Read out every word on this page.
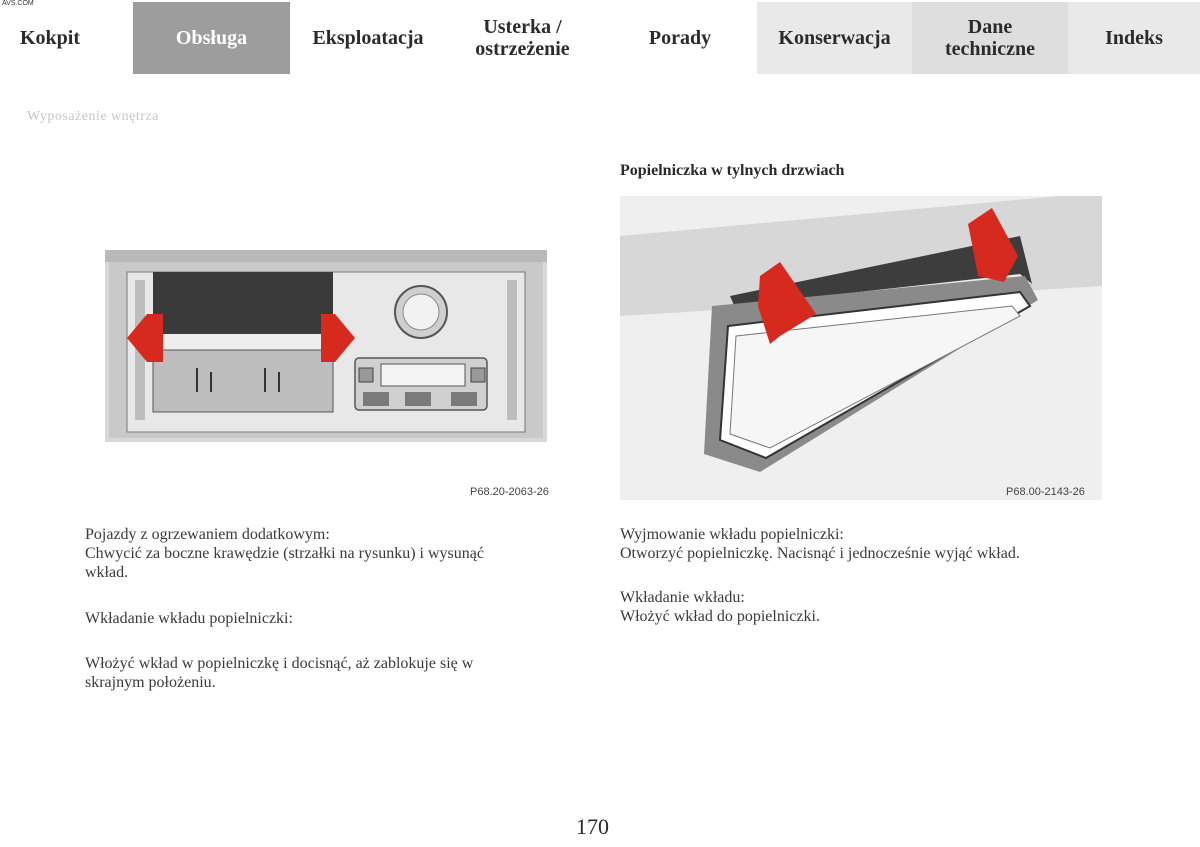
AVS.COM
Kokpit	Obsługa	Eksploatacja	Usterka / ostrzeżenie	Porady	Konserwacja	Dane techniczne	Indeks
Wyposażenie wnętrza
P68.20-2063-26	P68.00-2143-26
Popielniczka w tylnych drzwiach

Pojazdy z ogrzewaniem dodatkowym:
Chwycić za boczne krawędzie (strzałki na rysunku) i wysunąć
wkład.

Wkładanie wkładu popielniczki:

Włożyć wkład w popielniczkę i docisnąć, aż zablokuje się w
skrajnym położeniu.

Wyjmowanie wkładu popielniczki:
Otworzyć popielniczkę. Nacisnąć i jednocześnie wyjąć wkład.

Wkładanie wkładu:
Włożyć wkład do popielniczki.

170
